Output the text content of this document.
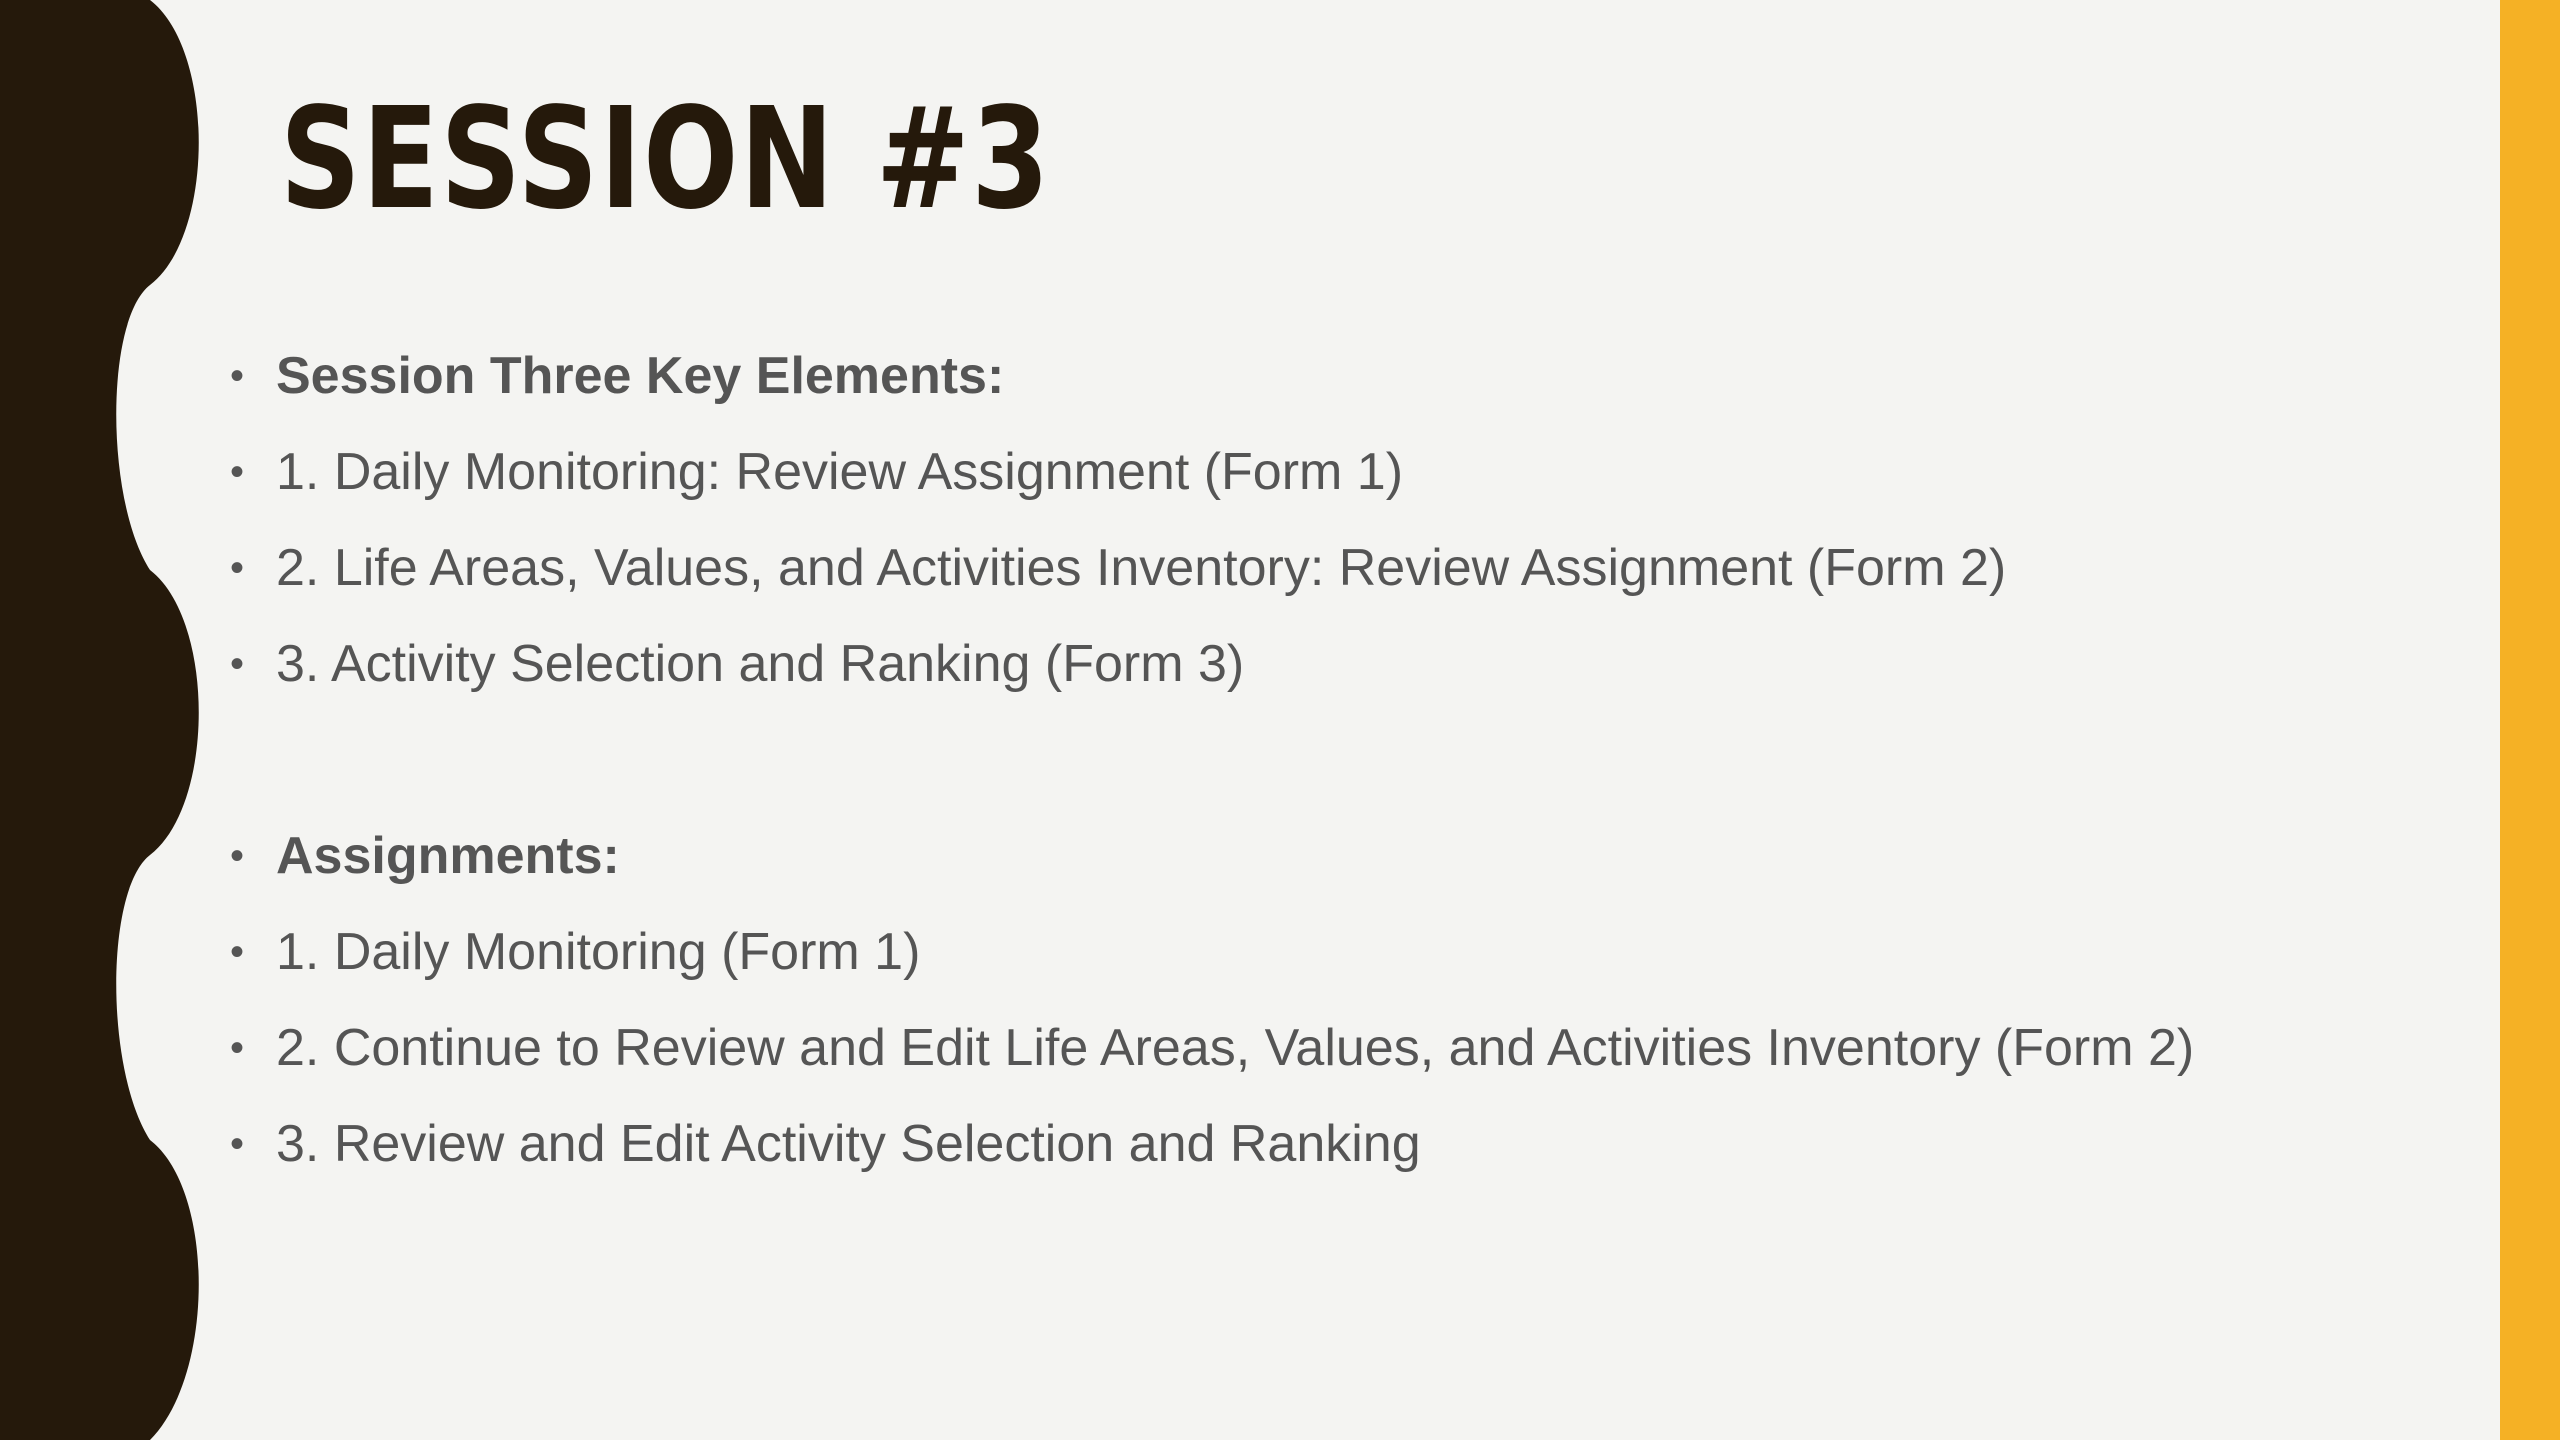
SESSION #3
• Session Three Key Elements:
• 1. Daily Monitoring: Review Assignment (Form 1)
• 2. Life Areas, Values, and Activities Inventory: Review Assignment (Form 2)
• 3. Activity Selection and Ranking (Form 3)
• Assignments:
• 1. Daily Monitoring (Form 1)
• 2. Continue to Review and Edit Life Areas, Values, and Activities Inventory (Form 2)
• 3. Review and Edit Activity Selection and Ranking
